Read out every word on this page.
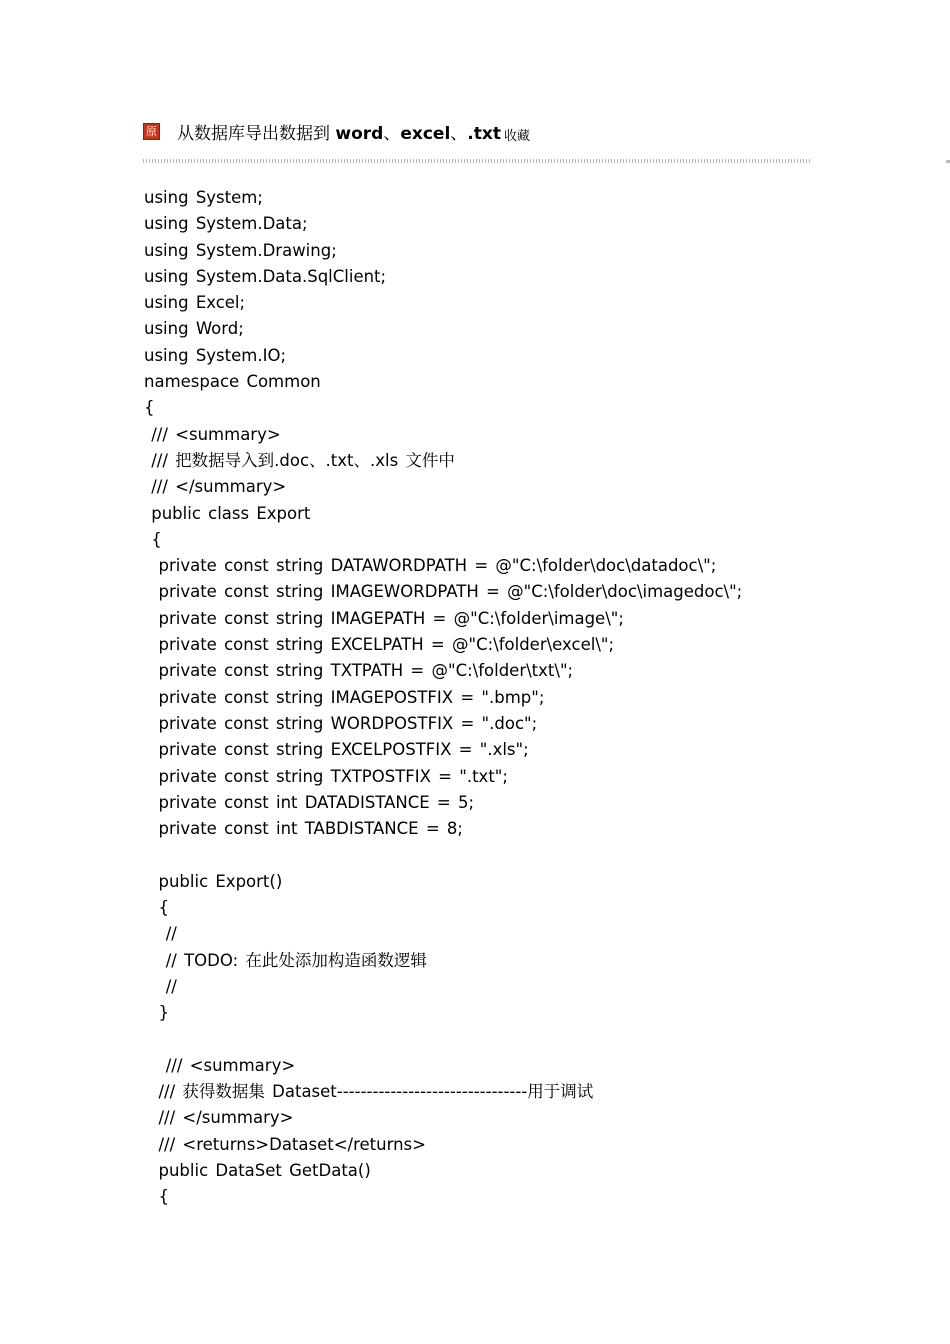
原 从数据库导出数据到 word、excel、.txt 收藏
using System;
using System.Data;
using System.Drawing;
using System.Data.SqlClient;
using Excel;
using Word;
using System.IO;
namespace Common
{
/// <summary>
/// 把数据导入到.doc、.txt、.xls 文件中
/// </summary>
public class Export
{
private const string DATAWORDPATH = @"C:\folder\doc\datadoc\";
private const string IMAGEWORDPATH = @"C:\folder\doc\imagedoc\";
private const string IMAGEPATH = @"C:\folder\image\";
private const string EXCELPATH = @"C:\folder\excel\";
private const string TXTPATH = @"C:\folder\txt\";
private const string IMAGEPOSTFIX = ".bmp";
private const string WORDPOSTFIX = ".doc";
private const string EXCELPOSTFIX = ".xls";
private const string TXTPOSTFIX = ".txt";
private const int DATADISTANCE = 5;
private const int TABDISTANCE = 8;
public Export()
{
//
// TODO: 在此处添加构造函数逻辑
//
}
/// <summary>
/// 获得数据集 Dataset--------------------------------用于调试
/// </summary>
/// <returns>Dataset</returns>
public DataSet GetData()
{
